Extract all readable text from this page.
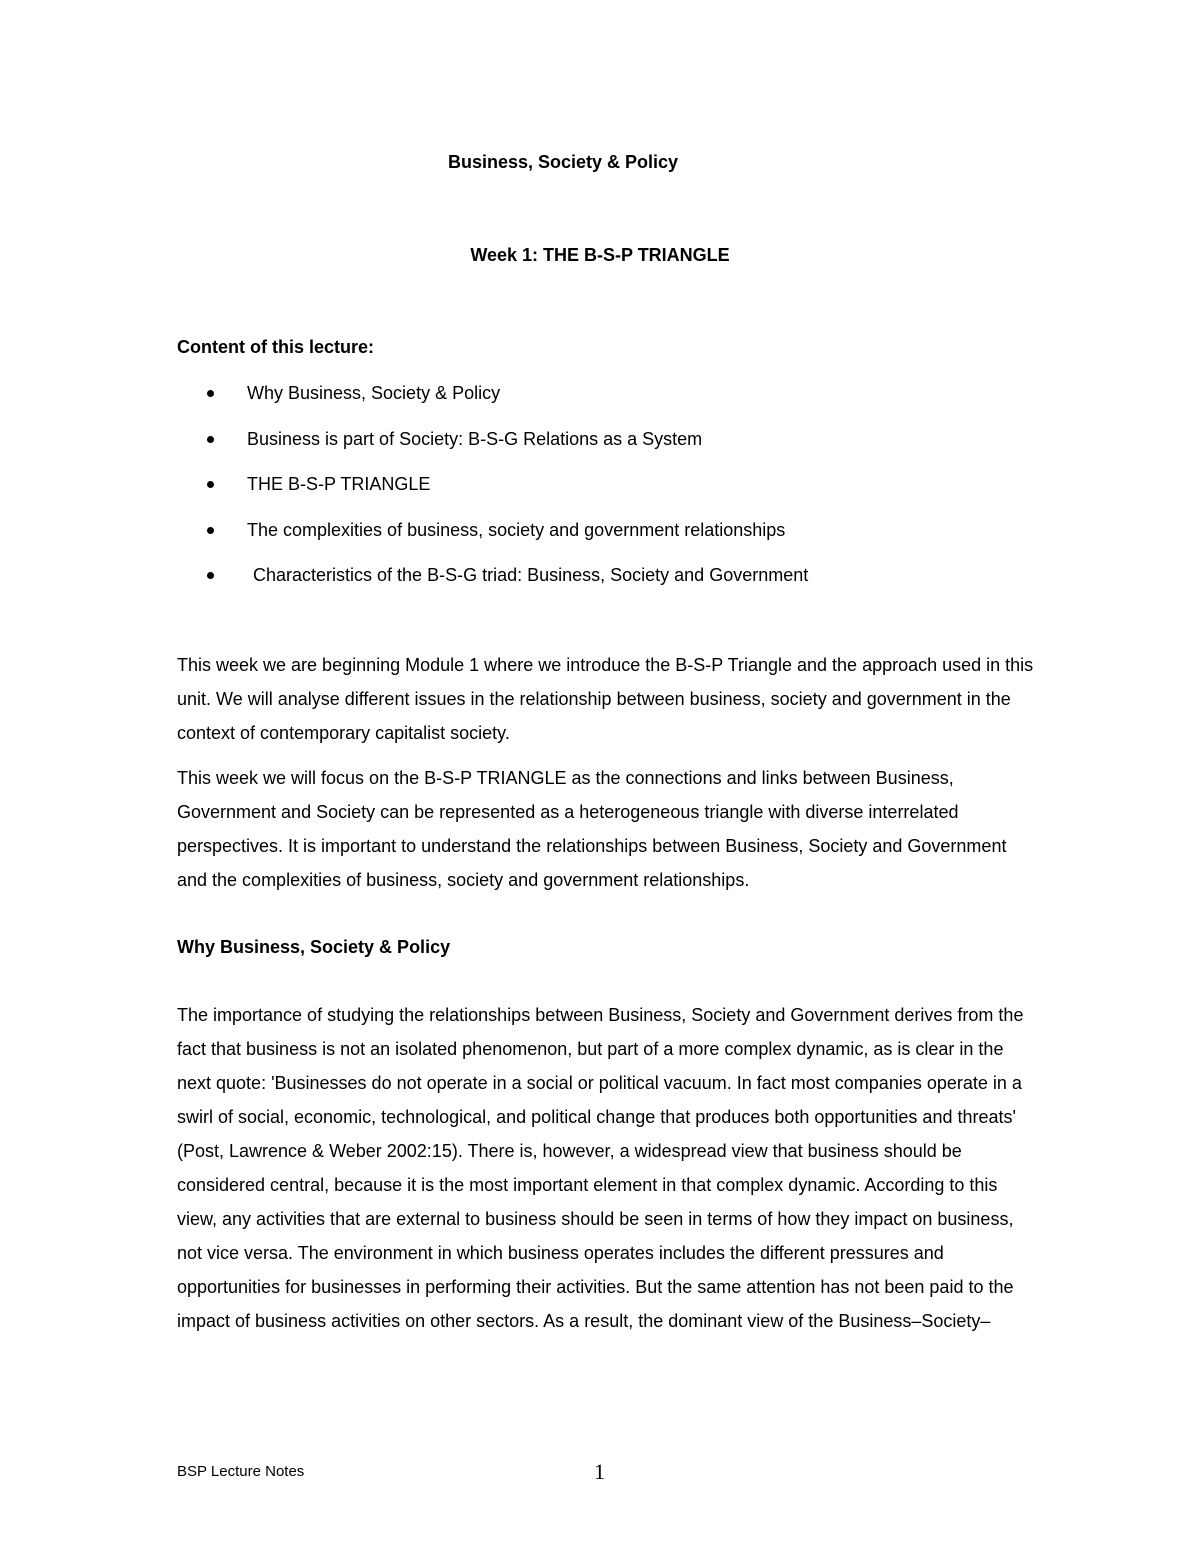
Business, Society & Policy
Week 1: THE B-S-P TRIANGLE
Content of this lecture:
Why Business, Society & Policy
Business is part of Society: B-S-G Relations as a System
THE B-S-P TRIANGLE
The complexities of business, society and government relationships
Characteristics of the B-S-G triad: Business, Society and Government

This week we are beginning Module 1 where we introduce the B-S-P Triangle and the approach used in this unit. We will analyse different issues in the relationship between business, society and government in the context of contemporary capitalist society.

This week we will focus on the B-S-P TRIANGLE as the connections and links between Business, Government and Society can be represented as a heterogeneous triangle with diverse interrelated perspectives. It is important to understand the relationships between Business, Society and Government and the complexities of business, society and government relationships.

Why Business, Society & Policy

The importance of studying the relationships between Business, Society and Government derives from the fact that business is not an isolated phenomenon, but part of a more complex dynamic, as is clear in the next quote: 'Businesses do not operate in a social or political vacuum. In fact most companies operate in a swirl of social, economic, technological, and political change that produces both opportunities and threats' (Post, Lawrence & Weber 2002:15). There is, however, a widespread view that business should be considered central, because it is the most important element in that complex dynamic. According to this view, any activities that are external to business should be seen in terms of how they impact on business, not vice versa. The environment in which business operates includes the different pressures and opportunities for businesses in performing their activities. But the same attention has not been paid to the impact of business activities on other sectors. As a result, the dominant view of the Business–Society–

BSP Lecture Notes	1
